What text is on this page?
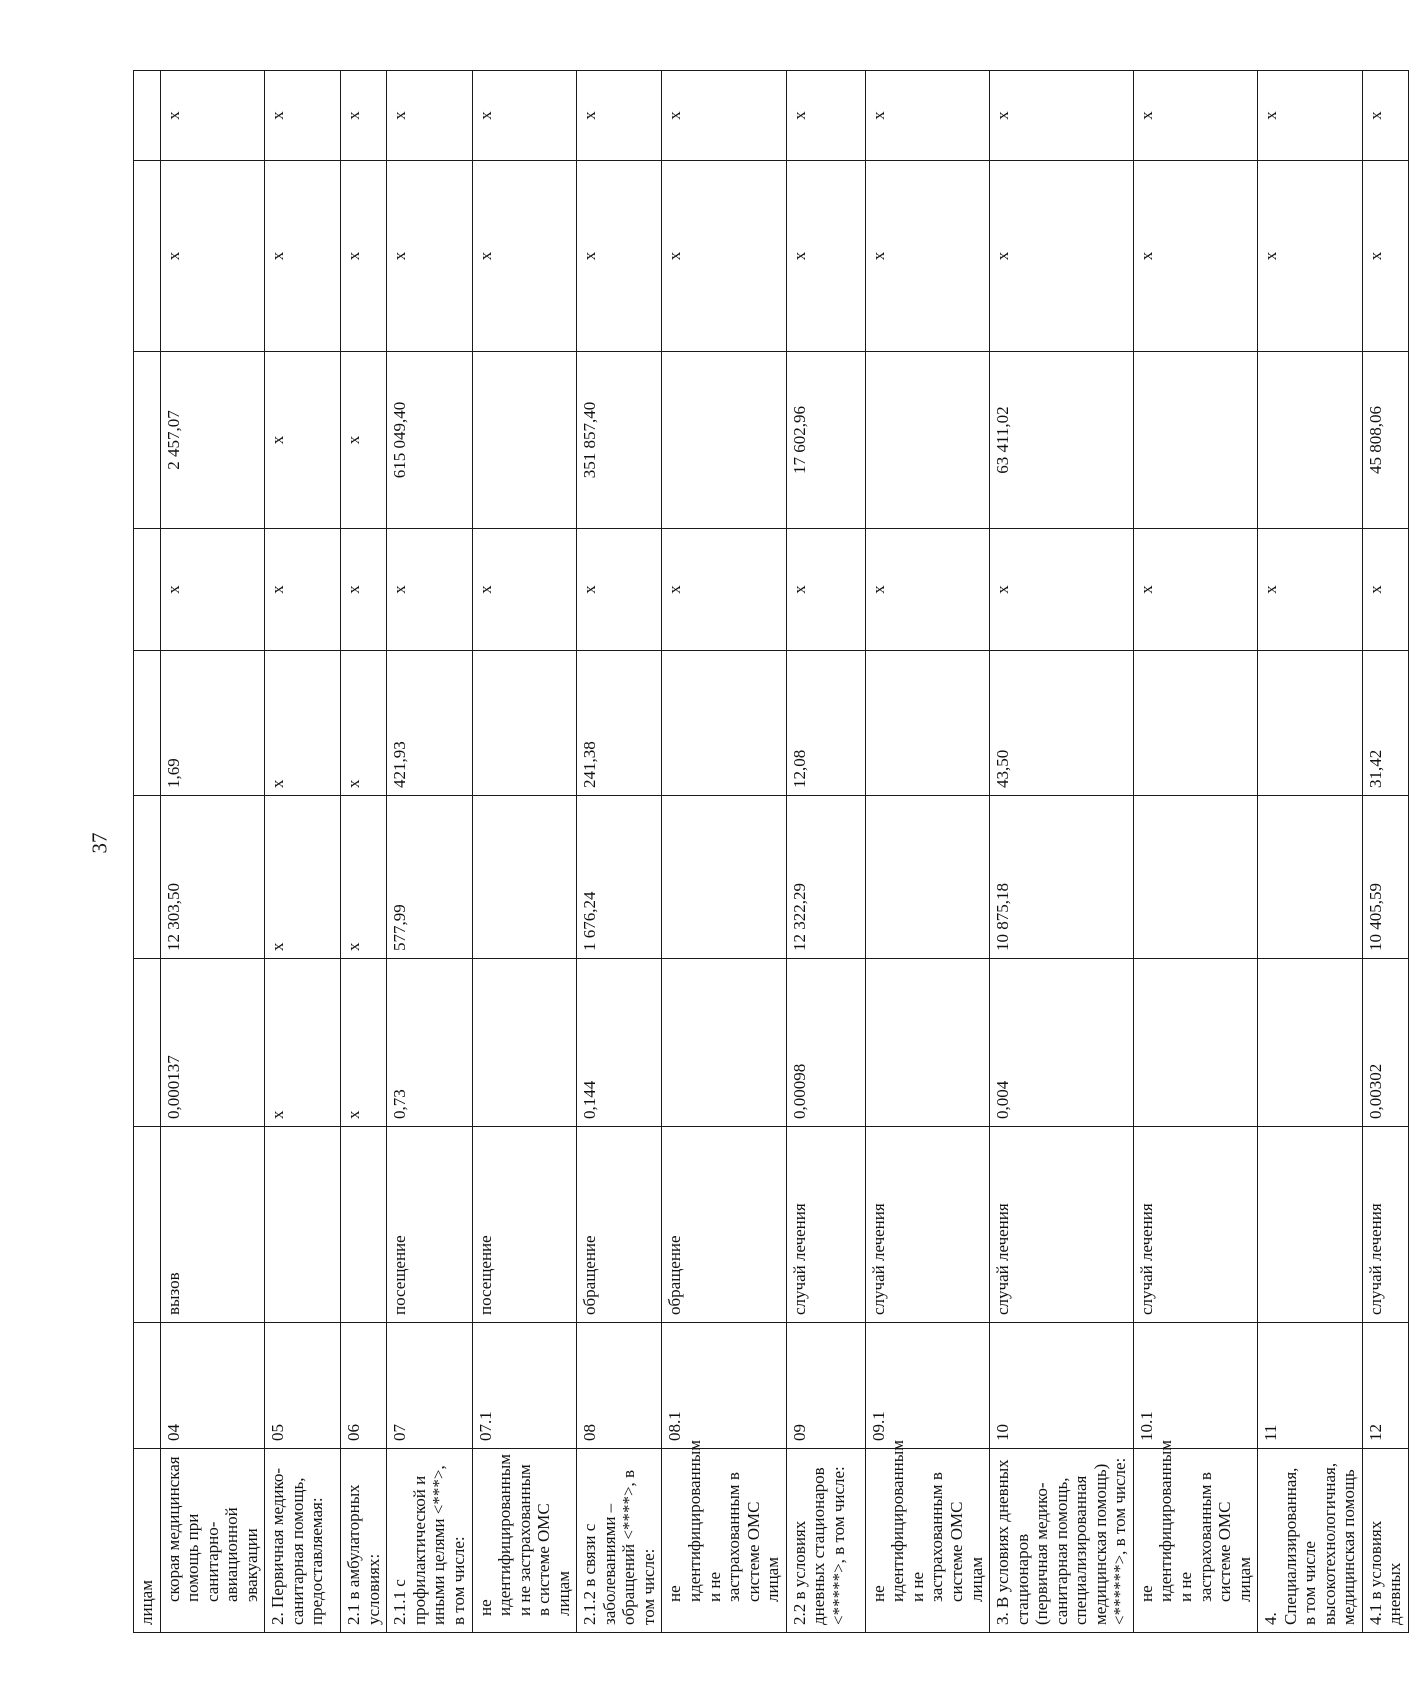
37
лицам									
скорая медицинская помощь при санитарно-авиационной эвакуации	04	вызов	0,000137	12 303,50	1,69	х	2 457,07	х	х
2. Первичная медико-санитарная помощь, предоставляемая:	05		х	х	х	х	х	х	х
2.1 в амбулаторных условиях:	06		х	х	х	х	х	х	х
2.1.1 с профилактической и иными целями <***>, в том числе:	07	посещение	0,73	577,99	421,93	х	615 049,40	х	х
не идентифицированным и не застрахованным в системе ОМС лицам	07.1	посещение				х		х	х
2.1.2 в связи с заболеваниями – обращений <****>, в том числе:	08	обращение	0,144	1 676,24	241,38	х	351 857,40	х	х
не идентифицированным и не застрахованным в системе ОМС лицам	08.1	обращение				х		х	х
2.2 в условиях дневных стационаров <*****>, в том числе:	09	случай лечения	0,00098	12 322,29	12,08	х	17 602,96	х	х
не идентифицированным и не застрахованным в системе ОМС лицам	09.1	случай лечения				х		х	х
3. В условиях дневных стационаров (первичная медико-санитарная помощь, специализированная медицинская помощь) <******>, в том числе:	10	случай лечения	0,004	10 875,18	43,50	х	63 411,02	х	х
не идентифицированным и не застрахованным в системе ОМС лицам	10.1	случай лечения				х		х	х
4. Специализированная, в том числе высокотехнологичная, медицинская помощь	11					х		х	х
4.1 в условиях дневных	12	случай лечения	0,00302	10 405,59	31,42	х	45 808,06	х	х
